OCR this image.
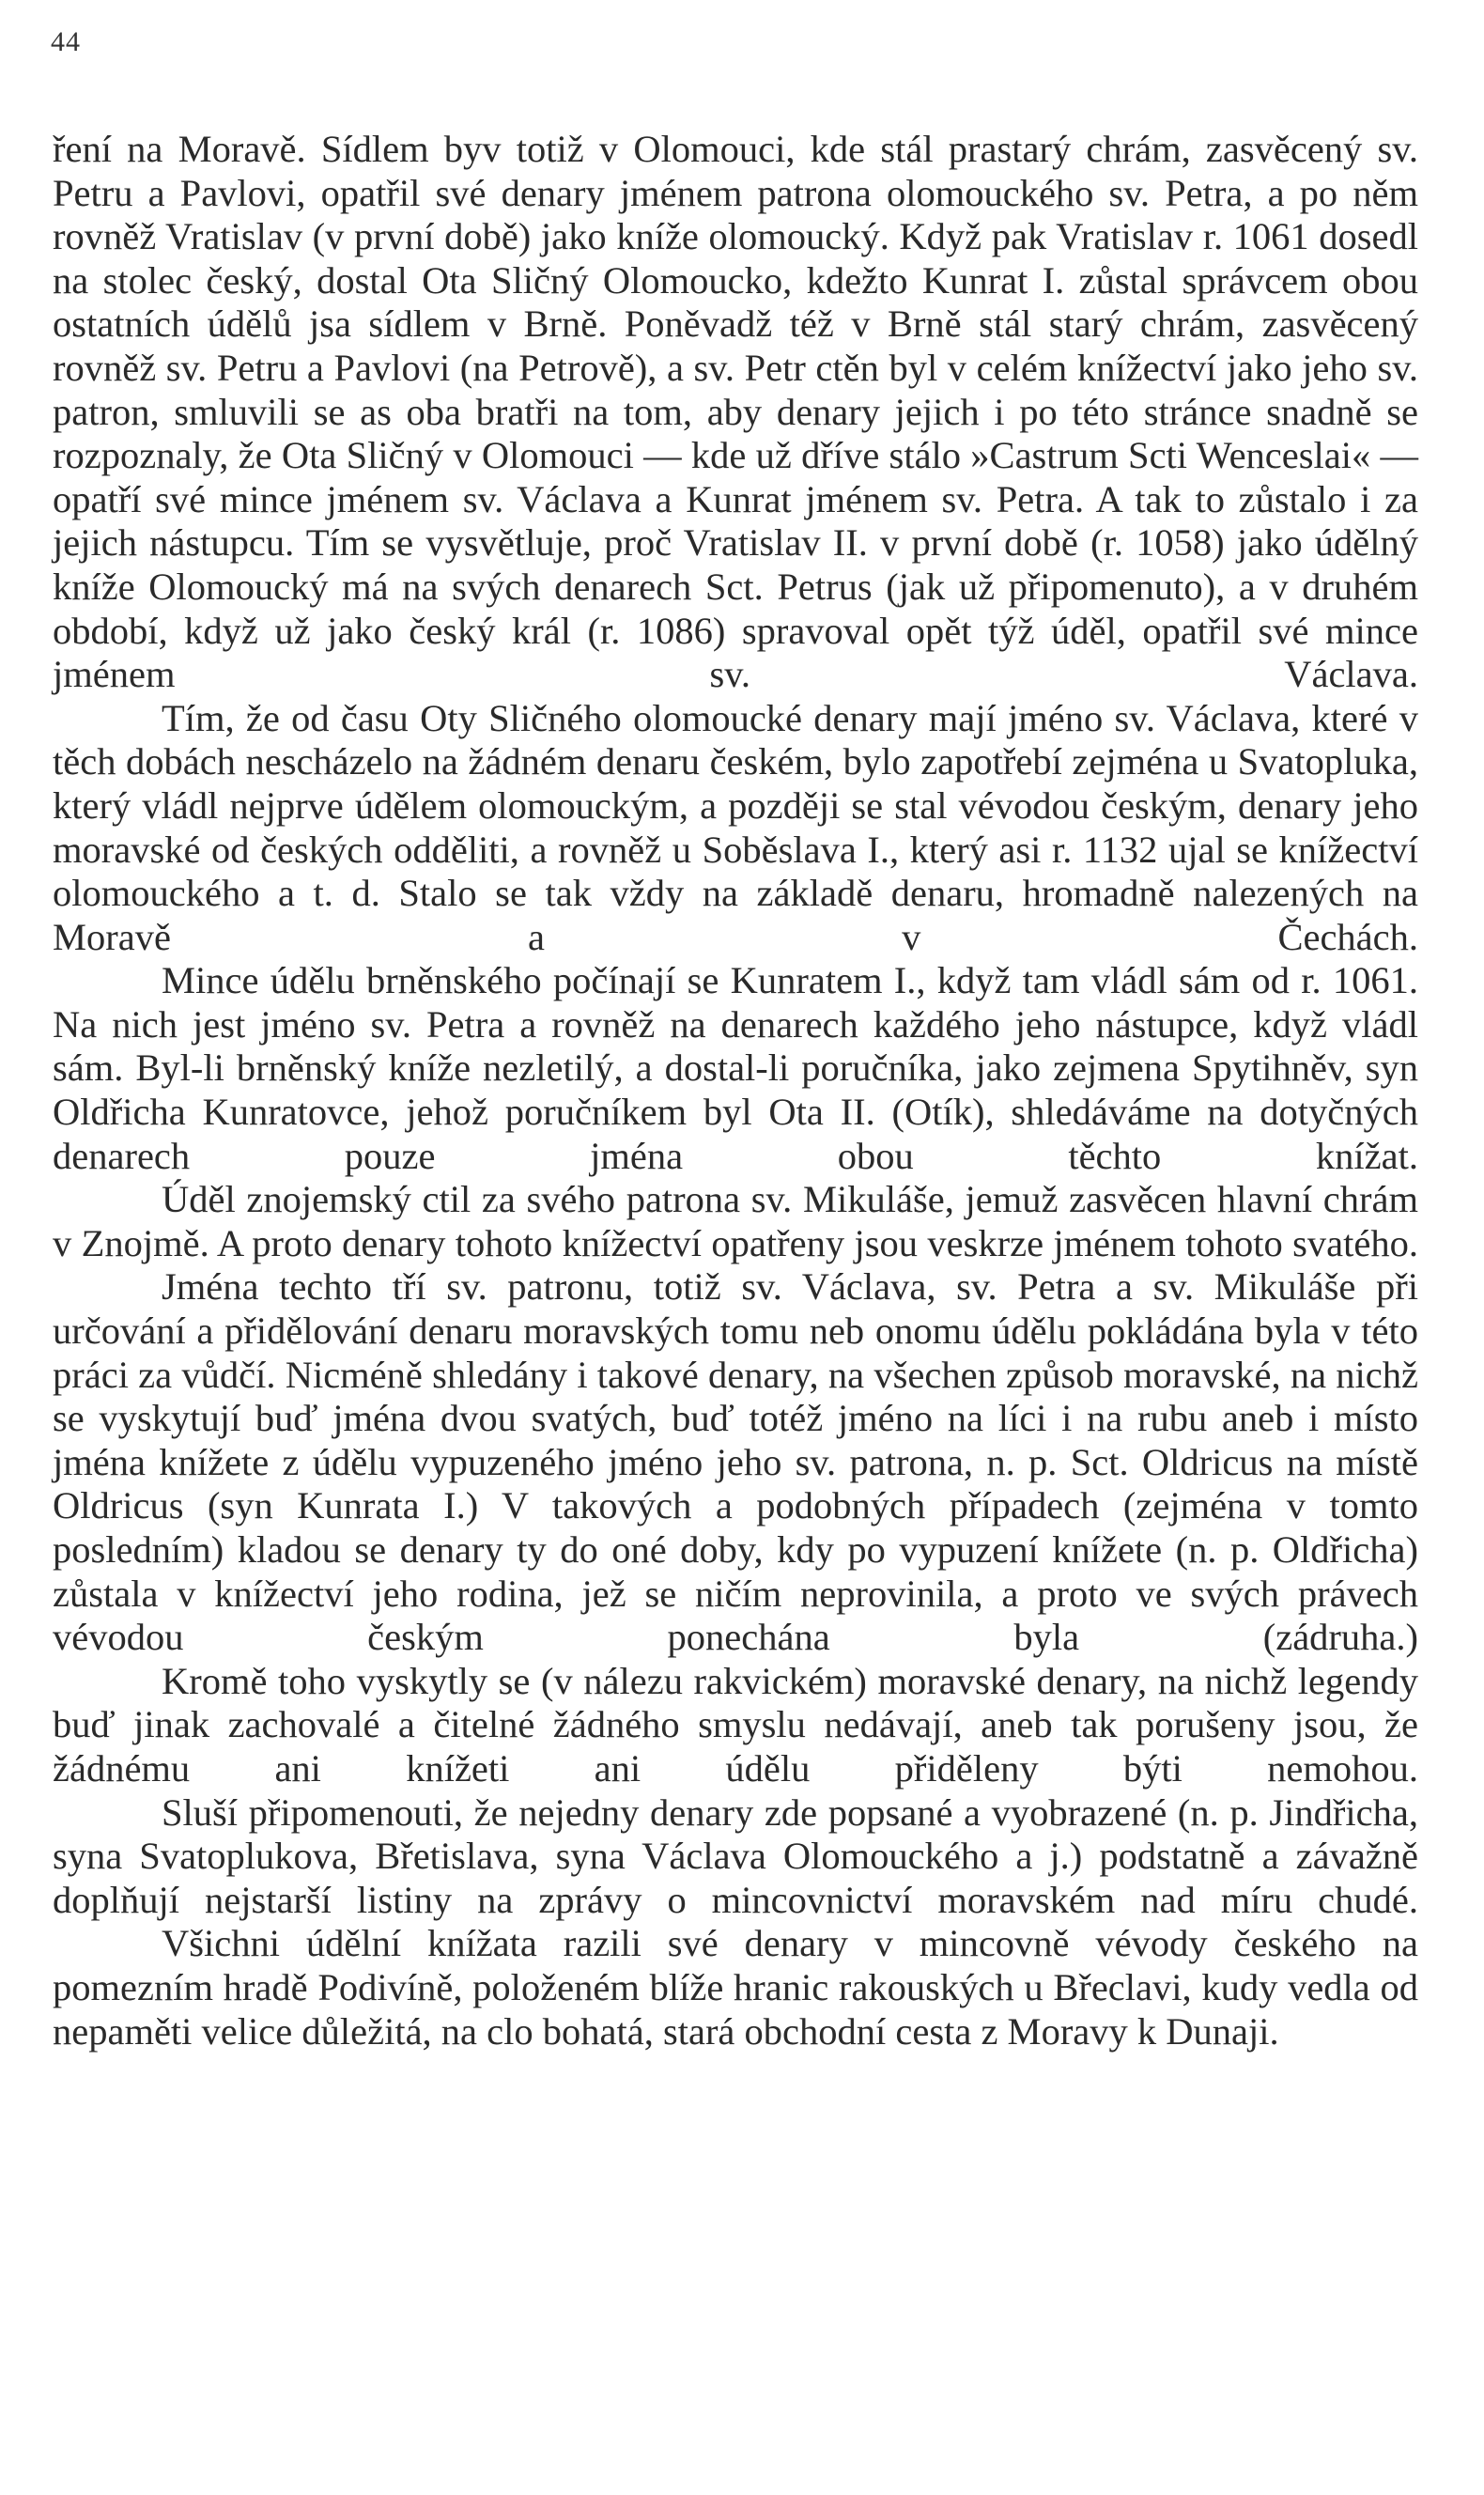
44

ření na Moravě. Sídlem byv totiž v Olomouci, kde stál prastarý chrám, zasvěcený sv. Petru a Pavlovi, opatřil své denary jménem patrona olomouckého sv. Petra, a po něm rovněž Vratislav (v první době) jako kníže olomoucký. Když pak Vratislav r. 1061 dosedl na stolec český, dostal Ota Sličný Olomoucko, kdežto Kunrat I. zůstal správcem obou ostatních údělů jsa sídlem v Brně. Poněvadž též v Brně stál starý chrám, zasvěcený rovněž sv. Petru a Pavlovi (na Petrově), a sv. Petr ctěn byl v celém knížectví jako jeho sv. patron, smluvili se as oba bratři na tom, aby denary jejich i po této stránce snadně se rozpoznaly, že Ota Sličný v Olomouci — kde už dříve stálo »Castrum Scti Wenceslai« — opatří své mince jménem sv. Václava a Kunrat jménem sv. Petra. A tak to zůstalo i za jejich nástupcu. Tím se vysvětluje, proč Vratislav II. v první době (r. 1058) jako údělný kníže Olomoucký má na svých denarech Sct. Petrus (jak už připomenuto), a v druhém období, když už jako český král (r. 1086) spravoval opět týž úděl, opatřil své mince jménem sv. Václava.

Tím, že od času Oty Sličného olomoucké denary mají jméno sv. Václava, které v těch dobách nescházelo na žádném denaru českém, bylo zapotřebí zejména u Svatopluka, který vládl nejprve údělem olomouckým, a později se stal vévodou českým, denary jeho moravské od českých odděliti, a rovněž u Soběslava I., který asi r. 1132 ujal se knížectví olomouckého a t. d. Stalo se tak vždy na základě denaru, hromadně nalezených na Moravě a v Čechách.

Mince údělu brněnského počínají se Kunratem I., když tam vládl sám od r. 1061. Na nich jest jméno sv. Petra a rovněž na denarech každého jeho nástupce, když vládl sám. Byl-li brněnský kníže nezletilý, a dostal-li poručníka, jako zejmena Spytihněv, syn Oldřicha Kunratovce, jehož poručníkem byl Ota II. (Otík), shledáváme na dotyčných denarech pouze jména obou těchto knížat.

Úděl znojemský ctil za svého patrona sv. Mikuláše, jemuž zasvěcen hlavní chrám v Znojmě. A proto denary tohoto knížectví opatřeny jsou veskrze jménem tohoto svatého.

Jména techto tří sv. patronu, totiž sv. Václava, sv. Petra a sv. Mikuláše při určování a přidělování denaru moravských tomu neb onomu údělu pokládána byla v této práci za vůdčí. Nicméně shledány i takové denary, na všechen způsob moravské, na nichž se vyskytují buď jména dvou svatých, buď totéž jméno na líci i na rubu aneb i místo jména knížete z údělu vypuzeného jméno jeho sv. patrona, n. p. Sct. Oldricus na místě Oldricus (syn Kunrata I.) V takových a podobných případech (zejména v tomto posledním) kladou se denary ty do oné doby, kdy po vypuzení knížete (n. p. Oldřicha) zůstala v knížectví jeho rodina, jež se ničím neprovinila, a proto ve svých právech vévodou českým ponechána byla (zádruha.)

Kromě toho vyskytly se (v nálezu rakvickém) moravské denary, na nichž legendy buď jinak zachovalé a čitelné žádného smyslu nedávají, aneb tak porušeny jsou, že žádnému ani knížeti ani údělu přiděleny býti nemohou.

Sluší připomenouti, že nejedny denary zde popsané a vyobrazené (n. p. Jindřicha, syna Svatoplukova, Břetislava, syna Václava Olomouckého a j.) podstatně a závažně doplňují nejstarší listiny na zprávy o mincovnictví moravském nad míru chudé.

Všichni údělní knížata razili své denary v mincovně vévody českého na pomezním hradě Podivíně, položeném blíže hranic rakouských u Břeclavi, kudy vedla od nepaměti velice důležitá, na clo bohatá, stará obchodní cesta z Moravy k Dunaji.
